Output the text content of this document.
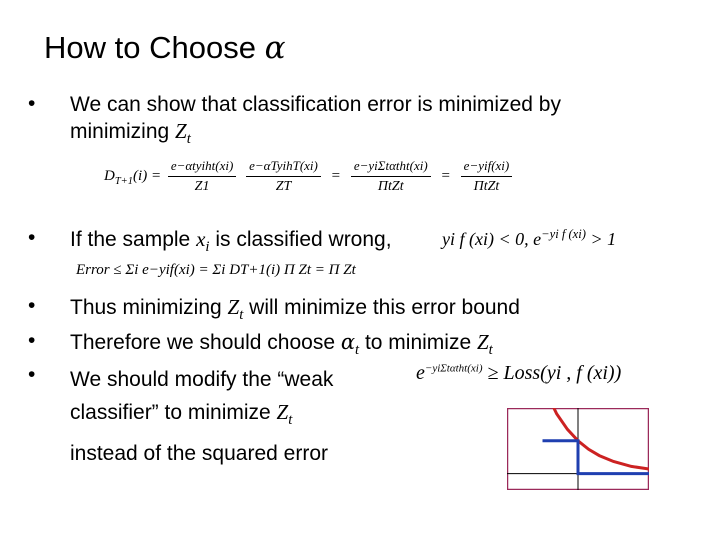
How to Choose α
• We can show that classification error is minimized by
minimizing $Z_t$
$D_{T+1}(i) = \frac{\text{e−αtyiht(xi)}}{Z1}$
$\frac{\text{e−αTyihT(xi)}}{ZT} = \frac{\text{e−yiΣtαtht(xi)}}{\text{ΠtZt}} = \frac{\text{e−yif(xi)}}{\text{ΠtZt}}$
• If the sample $x_i$ is classified wrong,	yi f (xi) < 0, $e^{-yi f (xi)} > 1$
Error ≤ Σi e−yif(xi) = Σi DT+1(i) Π Zt = Π Zt
• Thus minimizing $Z_t$ will minimize this error bound
• Therefore we should choose $\alpha_t$ to minimize $Z_t$
• We should modify the “weak
classifier” to minimize $Z_t$
instead of the squared error
$e^{-yi\Sigma t\alpha tht(xi)}$ ≥ Loss(yi , f (xi))
